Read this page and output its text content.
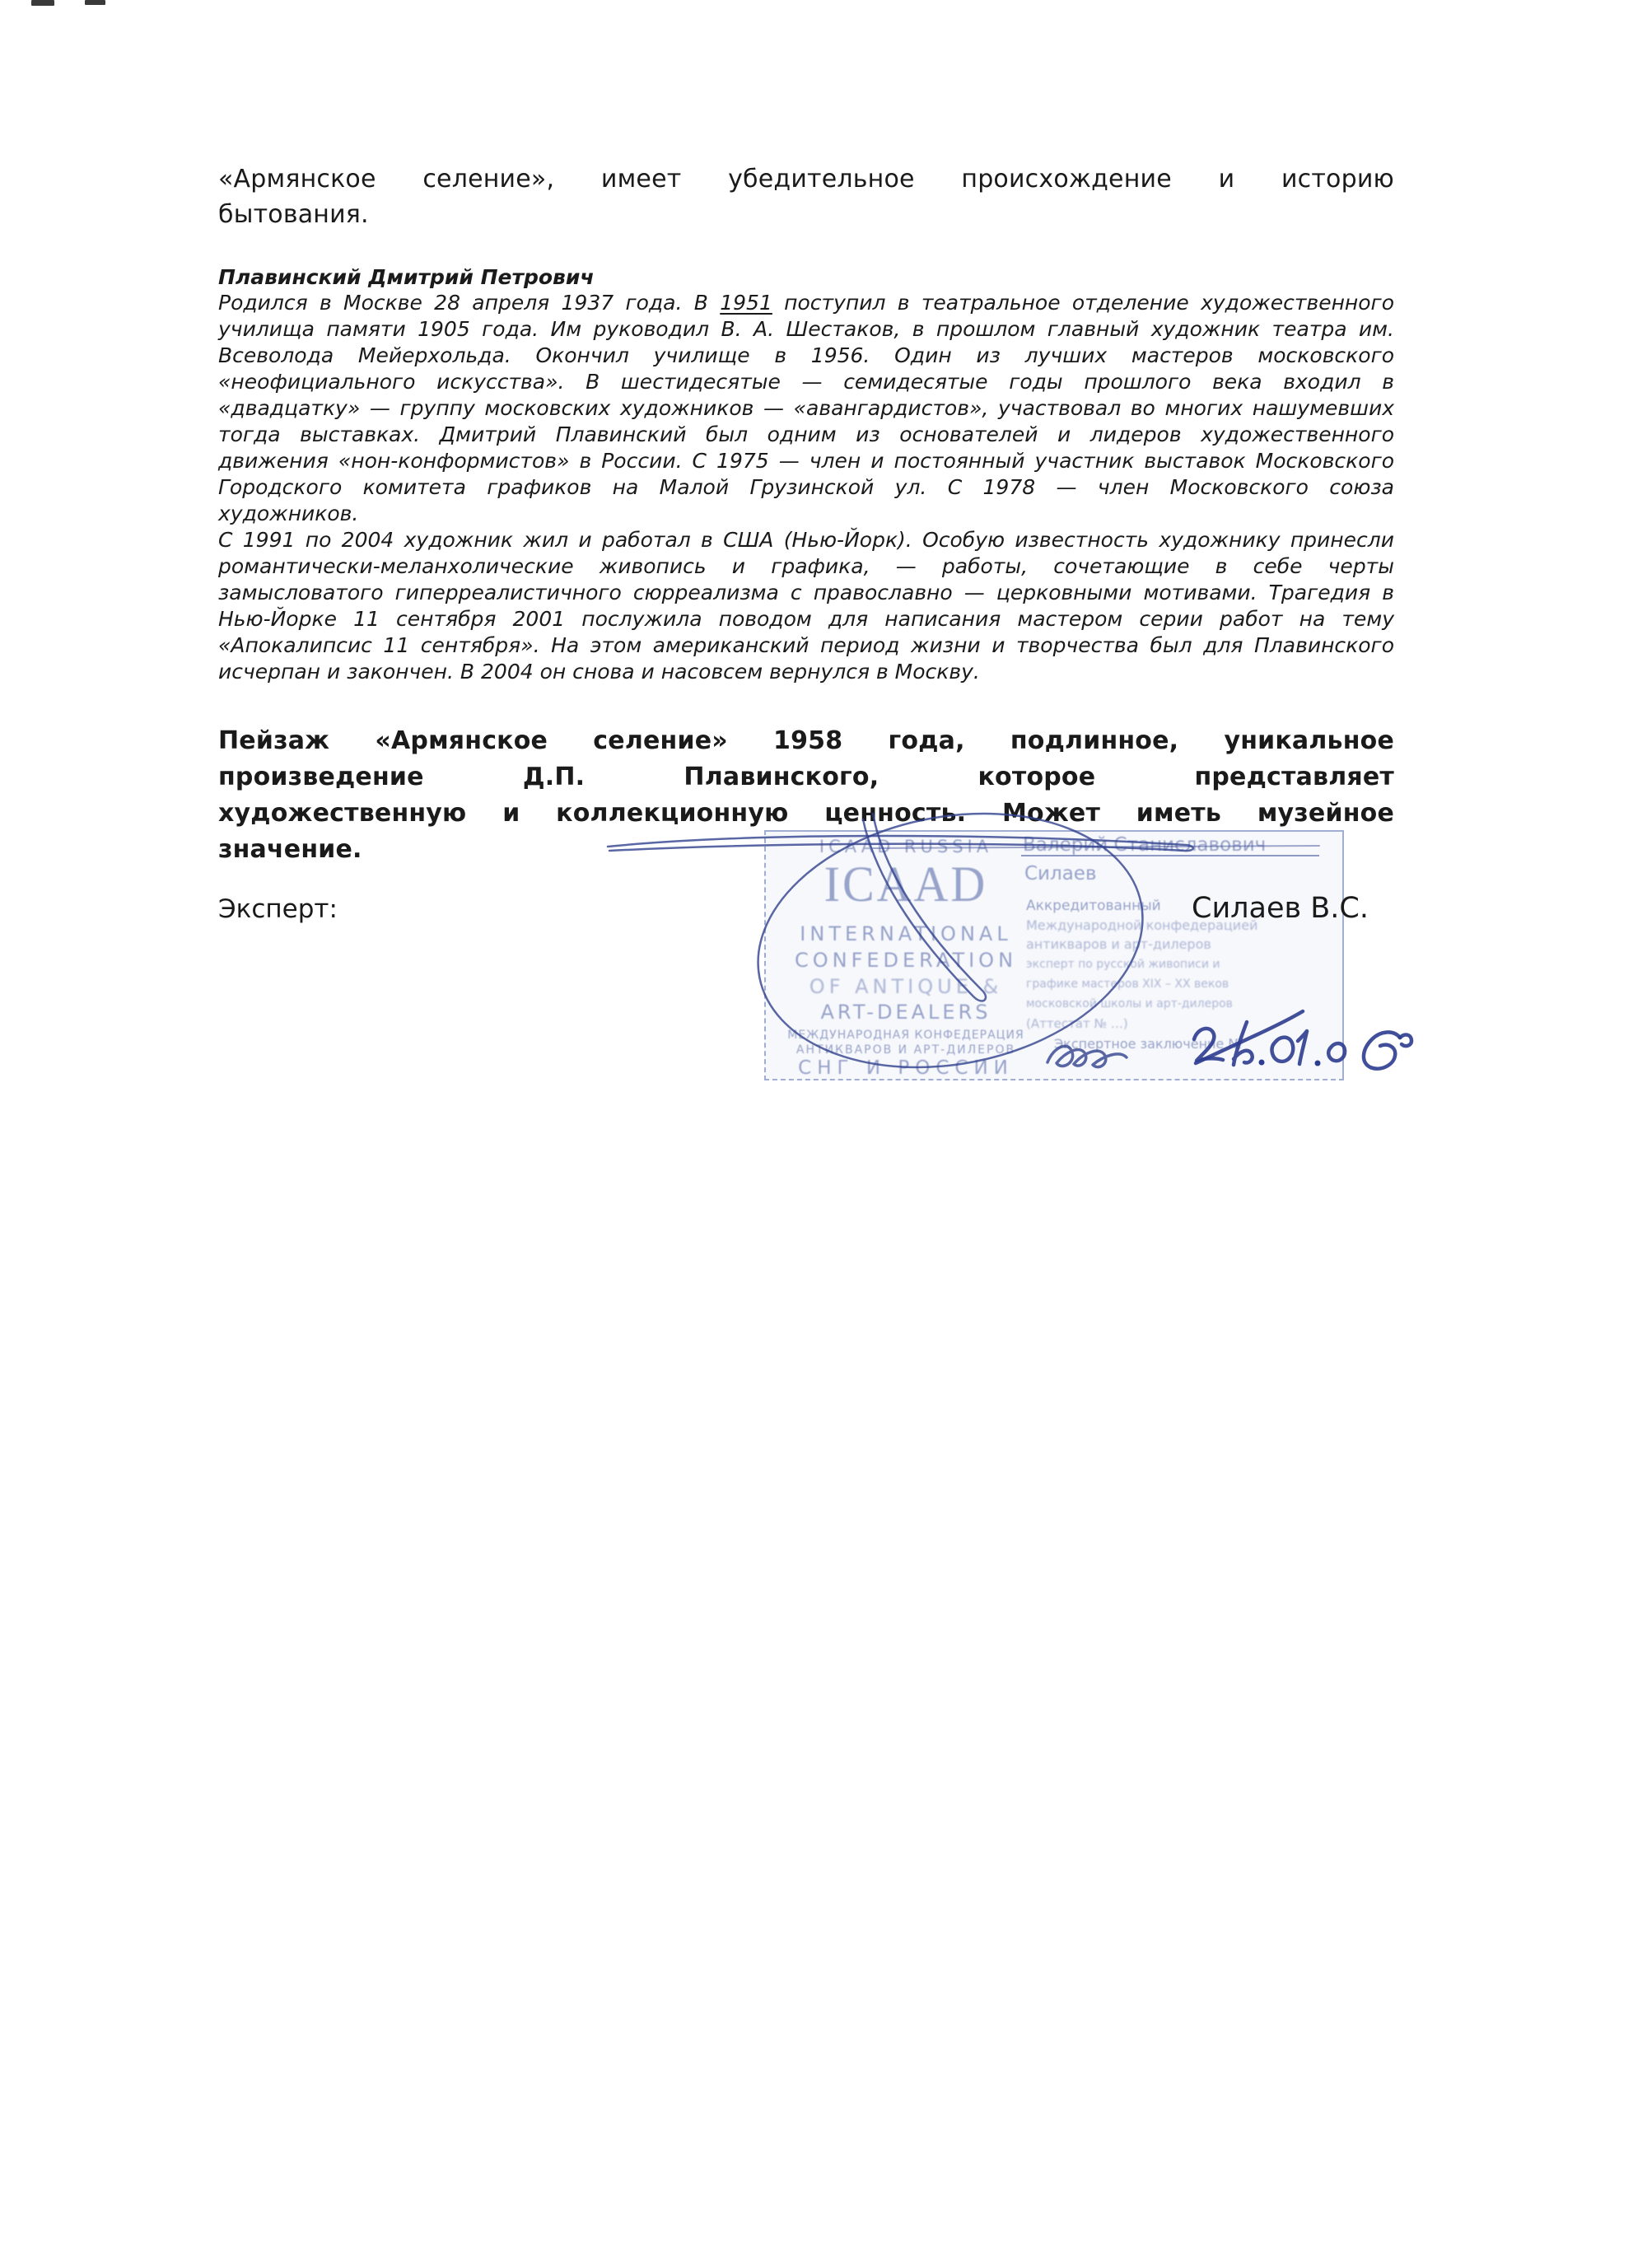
«Армянское селение», имеет убедительное происхождение и историю
бытования.
Плавинский Дмитрий Петрович
Родился в Москве 28 апреля 1937 года. В 1951 поступил в театральное отделение художественного
училища памяти 1905 года. Им руководил В. А. Шестаков, в прошлом главный художник театра им.
Всеволода Мейерхольда. Окончил училище в 1956. Один из лучших мастеров московского
«неофициального искусства». В шестидесятые — семидесятые годы прошлого века входил в
«двадцатку» — группу московских художников — «авангардистов», участвовал во многих нашумевших
тогда выставках. Дмитрий Плавинский был одним из основателей и лидеров художественного
движения «нон-конформистов» в России. С 1975 — член и постоянный участник выставок Московского
Городского комитета графиков на Малой Грузинской ул. С 1978 — член Московского союза
художников.
С 1991 по 2004 художник жил и работал в США (Нью-Йорк). Особую известность художнику принесли
романтически-меланхолические живопись и графика, — работы, сочетающие в себе черты
замысловатого гиперреалистичного сюрреализма с православно — церковными мотивами. Трагедия в
Нью-Йорке 11 сентября 2001 послужила поводом для написания мастером серии работ на тему
«Апокалипсис 11 сентября». На этом американский период жизни и творчества был для Плавинского
исчерпан и закончен. В 2004 он снова и насовсем вернулся в Москву.
Пейзаж «Армянское селение» 1958 года, подлинное, уникальное
произведение Д.П. Плавинского, которое представляет
художественную и коллекционную ценность. Может иметь музейное
значение.
Эксперт:	Силаев В.С.
ICAAD RUSSIA
ICAAD
INTERNATIONAL
CONFEDERATION
OF ANTIQUE &
ART-DEALERS
МЕЖДУНАРОДНАЯ КОНФЕДЕРАЦИЯ
АНТИКВАРОВ И АРТ-ДИЛЕРОВ
СНГ И РОССИИ
Валерий Станиславович
Силаев
Аккредитованный
Международной конфедерацией
антикваров и арт-дилеров
эксперт по русской живописи и
графике мастеров XIX – XX веков
московской школы и арт-дилеров
(Аттестат № …)
Экспертное заключение №
